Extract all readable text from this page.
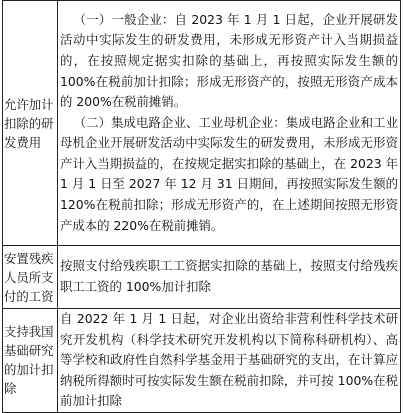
允许加计扣除的研发费用	（一）一般企业：自 2023 年 1 月 1 日起，企业开展研发活动中实际发生的研发费用，未形成无形资产计入当期损益的，在按照规定据实扣除的基础上，再按照实际发生额的 100%在税前加计扣除；形成无形资产的，按照无形资产成本的 200%在税前摊销。

（二）集成电路企业、工业母机企业：集成电路企业和工业母机企业开展研发活动中实际发生的研发费用，未形成无形资产计入当期损益的，在按规定据实扣除的基础上，在 2023 年 1 月 1 日至 2027 年 12 月 31 日期间，再按照实际发生额的 120%在税前扣除；形成无形资产的，在上述期间按照无形资产成本的 220%在税前摊销。

安置残疾人员所支付的工资	按照支付给残疾职工工资据实扣除的基础上，按照支付给残疾职工工资的 100%加计扣除

支持我国基础研究的加计扣除	自 2022 年 1 月 1 日起，对企业出资给非营利性科学技术研究开发机构（科学技术研究开发机构以下简称科研机构）、高等学校和政府性自然科学基金用于基础研究的支出，在计算应纳税所得额时可按实际发生额在税前扣除，并可按 100%在税前加计扣除
